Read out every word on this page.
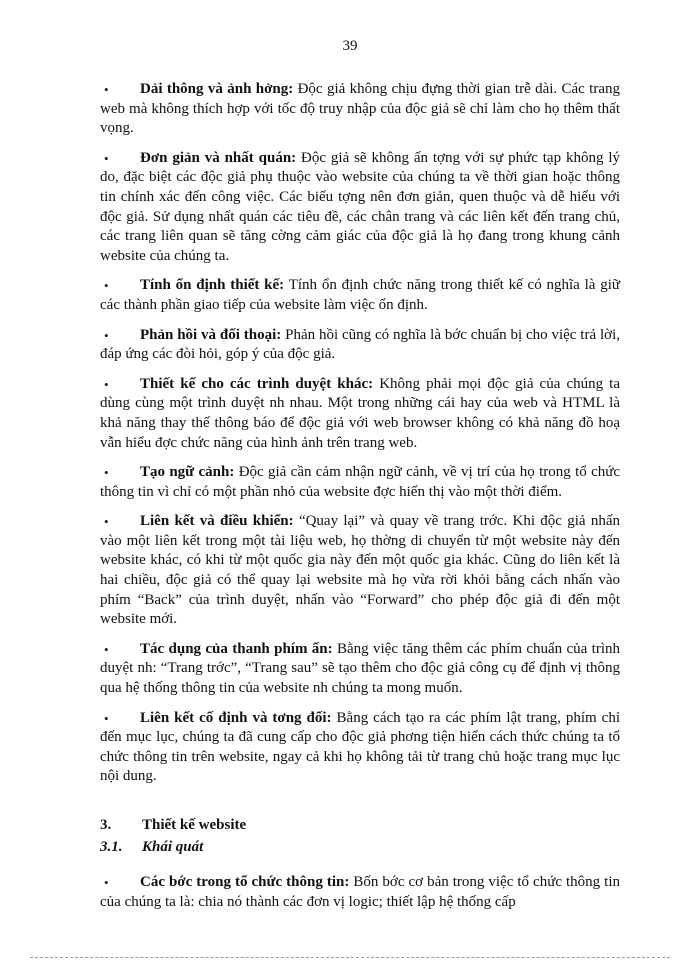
39

• Dải thông và ảnh hởng: Độc giả không chịu đựng thời gian trễ dài. Các trang web mà không thích hợp với tốc độ truy nhập của độc giả sẽ chỉ làm cho họ thêm thất vọng.

• Đơn giản và nhất quán: Độc giả sẽ không ấn tợng với sự phức tạp không lý do, đặc biệt các độc giả phụ thuộc vào website của chúng ta về thời gian hoặc thông tin chính xác đến công việc. Các biểu tợng nên đơn giản, quen thuộc và dễ hiểu với độc giả. Sử dụng nhất quán các tiêu đề, các chân trang và các liên kết đến trang chủ, các trang liên quan sẽ tăng cờng cảm giác của độc giả là họ đang trong khung cảnh website của chúng ta.

• Tính ổn định thiết kế: Tính ổn định chức năng trong thiết kế có nghĩa là giữ các thành phần giao tiếp của website làm việc ổn định.

• Phản hồi và đối thoại: Phản hồi cũng có nghĩa là bớc chuẩn bị cho việc trả lời, đáp ứng các đòi hỏi, góp ý của độc giả.

• Thiết kế cho các trình duyệt khác: Không phải mọi độc giả của chúng ta dùng cùng một trình duyệt nh nhau. Một trong những cái hay của web và HTML là khả năng thay thế thông báo để độc giả với web browser không có khả năng đồ hoạ vẫn hiểu đợc chức năng của hình ảnh trên trang web.

• Tạo ngữ cảnh: Độc giả cần cảm nhận ngữ cảnh, về vị trí của họ trong tổ chức thông tin vì chỉ có một phần nhỏ của website đợc hiển thị vào một thời điểm.

• Liên kết và điều khiển: “Quay lại” và quay về trang trớc. Khi độc giả nhấn vào một liên kết trong một tài liệu web, họ thờng di chuyển từ một website này đến website khác, có khi từ một quốc gia này đến một quốc gia khác. Cũng do liên kết là hai chiều, độc giả có thể quay lại website mà họ vừa rời khỏi bằng cách nhấn vào phím “Back” của trình duyệt, nhấn vào “Forward” cho phép độc giả đi đến một website mới.

• Tác dụng của thanh phím ấn: Bằng việc tăng thêm các phím chuẩn của trình duyệt nh: “Trang trớc”, “Trang sau” sẽ tạo thêm cho độc giả công cụ để định vị thông qua hệ thống thông tin của website nh chúng ta mong muốn.

• Liên kết cố định và tơng đối: Bằng cách tạo ra các phím lật trang, phím chỉ đến mục lục, chúng ta đã cung cấp cho độc giả phơng tiện hiển cách thức chúng ta tổ chức thông tin trên website, ngay cả khi họ không tải từ trang chủ hoặc trang mục lục nội dung.

3. Thiết kế website
3.1. Khái quát

• Các bớc trong tổ chức thông tin: Bốn bớc cơ bản trong việc tổ chức thông tin của chúng ta là: chia nó thành các đơn vị logic; thiết lập hệ thống cấp
